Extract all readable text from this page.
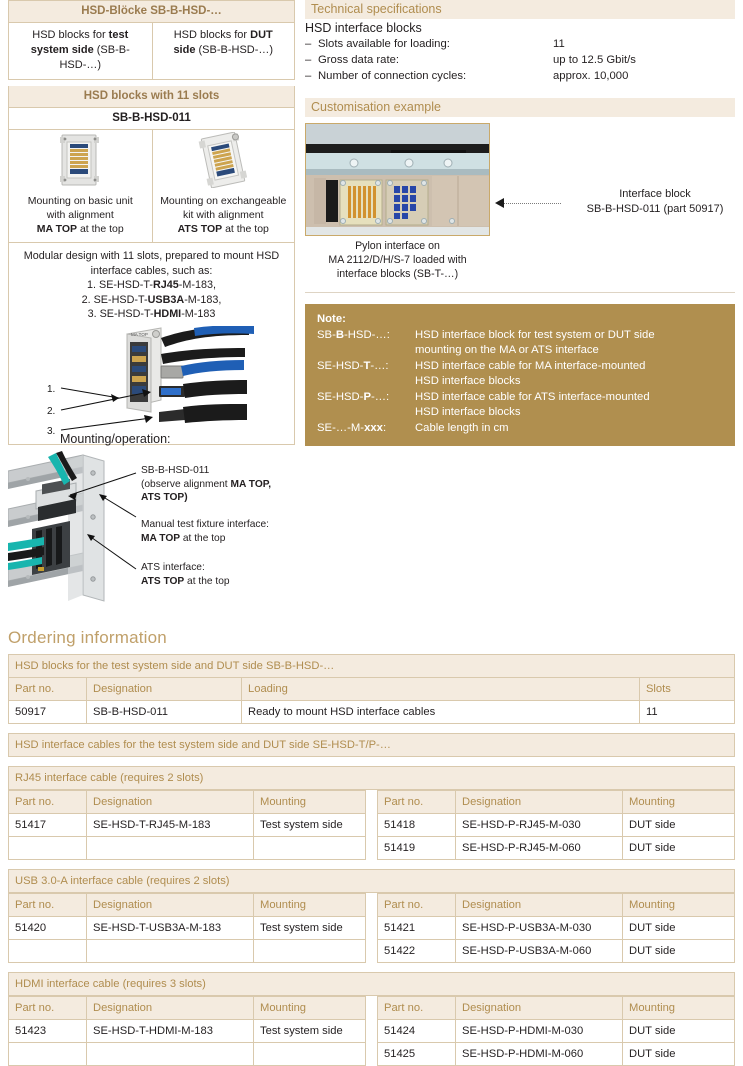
HSD-Blöcke SB-B-HSD-…
HSD blocks for test
system side (SB-B-HSD-…)
HSD blocks for DUT
side (SB-B-HSD-…)
HSD blocks with 11 slots
SB-B-HSD-011
Mounting on basic unit
with alignment
MA TOP at the top
Mounting on exchangeable
kit with alignment
ATS TOP at the top
Modular design with 11 slots, prepared to mount HSD
interface cables, such as:
1. SE-HSD-T-RJ45-M-183,
2. SE-HSD-T-USB3A-M-183,
3. SE-HSD-T-HDMI-M-183
MA TOP
1.
2.
3.
Technical specifications
HSD interface blocks
– Slots available for loading:	11
– Gross data rate:	up to 12.5 Gbit/s
– Number of connection cycles:	approx. 10,000
Customisation example
Pylon interface on
MA 2112/D/H/S-7 loaded with
interface blocks (SB-T-…)
Interface block
SB-B-HSD-011 (part 50917)
Note:
SB-B-HSD-…:	HSD interface block for test system or DUT side
mounting on the MA or ATS interface
SE-HSD-T-…:	HSD interface cable for MA interface-mounted
HSD interface blocks
SE-HSD-P-…:	HSD interface cable for ATS interface-mounted
HSD interface blocks
SE-…-M-xxx:	Cable length in cm
Mounting/operation:
SB-B-HSD-011
(observe alignment MA TOP,
ATS TOP)
Manual test fixture interface:
MA TOP at the top
ATS interface:
ATS TOP at the top
Ordering information
HSD blocks for the test system side and DUT side SB-B-HSD-…			
Part no.	Designation	Loading	Slots
50917	SB-B-HSD-011	Ready to mount HSD interface cables	11
HSD interface cables for the test system side and DUT side SE-HSD-T/P-…
RJ45 interface cable (requires 2 slots)
Part no.	Designation	Mounting
51417	SE-HSD-T-RJ45-M-183	Test system side

Part no.	Designation	Mounting
51418	SE-HSD-P-RJ45-M-030	DUT side
51419	SE-HSD-P-RJ45-M-060	DUT side
USB 3.0-A interface cable (requires 2 slots)
Part no.	Designation	Mounting
51420	SE-HSD-T-USB3A-M-183	Test system side

Part no.	Designation	Mounting
51421	SE-HSD-P-USB3A-M-030	DUT side
51422	SE-HSD-P-USB3A-M-060	DUT side
HDMI interface cable (requires 3 slots)
Part no.	Designation	Mounting
51423	SE-HSD-T-HDMI-M-183	Test system side

Part no.	Designation	Mounting
51424	SE-HSD-P-HDMI-M-030	DUT side
51425	SE-HSD-P-HDMI-M-060	DUT side
